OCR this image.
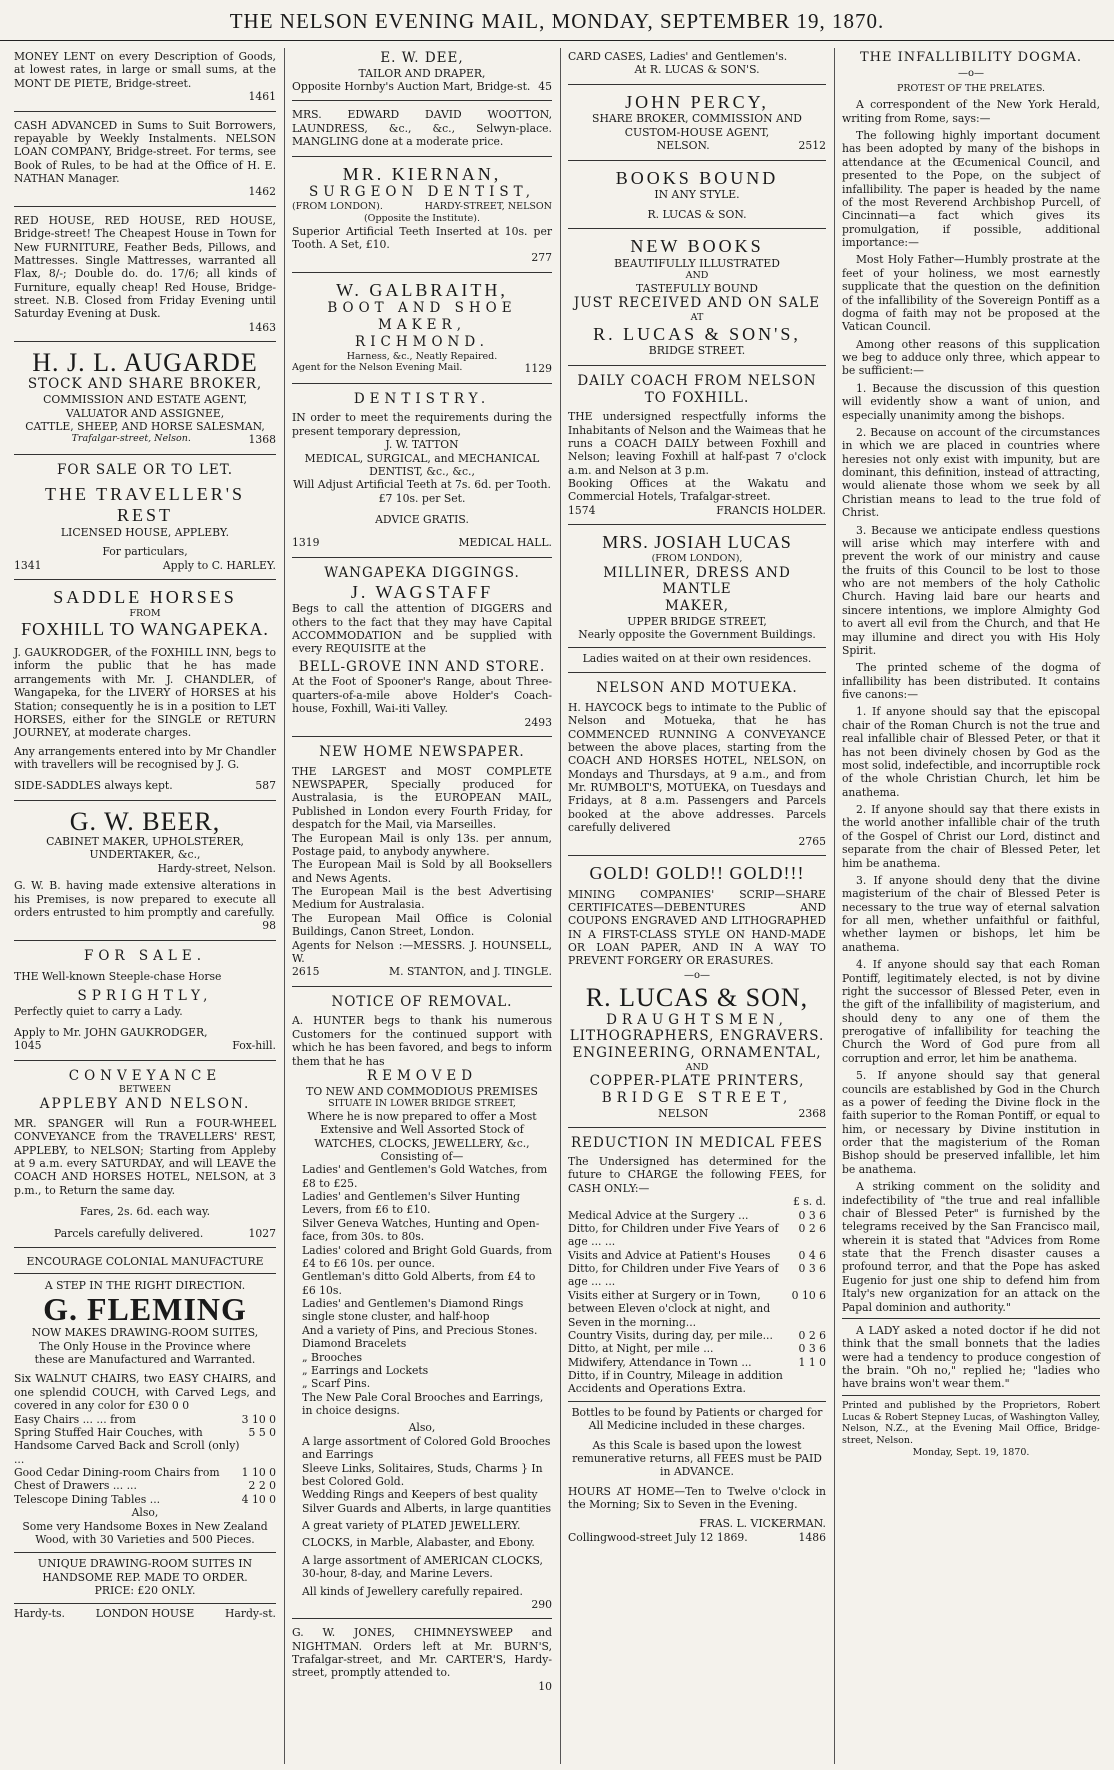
THE NELSON EVENING MAIL, MONDAY, SEPTEMBER 19, 1870.
MONEY LENT on every Description of Goods, at lowest rates, in large or small sums, at the MONT DE PIETE, Bridge-street.
1461
CASH ADVANCED in Sums to Suit Borrowers, repayable by Weekly Instalments. NELSON LOAN COMPANY, Bridge-street. For terms, see Book of Rules, to be had at the Office of H. E. NATHAN Manager.
1462
RED HOUSE, RED HOUSE, RED HOUSE, Bridge-street! The Cheapest House in Town for New FURNITURE, Feather Beds, Pillows, and Mattresses. Single Mattresses, warranted all Flax, 8/-; Double do. do. 17/6; all kinds of Furniture, equally cheap! Red House, Bridge-street. N.B. Closed from Friday Evening until Saturday Evening at Dusk.
1463
H. J. L. AUGARDE
STOCK AND SHARE BROKER,
COMMISSION AND ESTATE AGENT,
VALUATOR AND ASSIGNEE,
CATTLE, SHEEP, AND HORSE SALESMAN,
Trafalgar-street, Nelson.	1368
FOR SALE OR TO LET.
THE TRAVELLER'S REST
LICENSED HOUSE, APPLEBY.
For particulars,
1341	Apply to C. HARLEY.
SADDLE HORSES
FROM
FOXHILL TO WANGAPEKA.
J. GAUKRODGER, of the FOXHILL INN, begs to inform the public that he has made arrangements with Mr. J. CHANDLER, of Wangapeka, for the LIVERY of HORSES at his Station; consequently he is in a position to LET HORSES, either for the SINGLE or RETURN JOURNEY, at moderate charges.
Any arrangements entered into by Mr Chandler with travellers will be recognised by J. G.
SIDE-SADDLES always kept.	587
G. W. BEER,
CABINET MAKER, UPHOLSTERER,
UNDERTAKER, &c.,
Hardy-street, Nelson.
G. W. B. having made extensive alterations in his Premises, is now prepared to execute all orders entrusted to him promptly and carefully.
98
FOR SALE.
THE Well-known Steeple-chase Horse
SPRIGHTLY,
Perfectly quiet to carry a Lady.
Apply to Mr. JOHN GAUKRODGER,
1045	Fox-hill.
CONVEYANCE
BETWEEN
APPLEBY AND NELSON.
MR. SPANGER will Run a FOUR-WHEEL CONVEYANCE from the TRAVELLERS' REST, APPLEBY, to NELSON; Starting from Appleby at 9 a.m. every SATURDAY, and will LEAVE the COACH AND HORSES HOTEL, NELSON, at 3 p.m., to Return the same day.
Fares, 2s. 6d. each way.
Parcels carefully delivered.	1027
ENCOURAGE COLONIAL MANUFACTURE
A STEP IN THE RIGHT DIRECTION.
G. FLEMING
NOW MAKES DRAWING-ROOM SUITES,
The Only House in the Province where
these are Manufactured and Warranted.
Six WALNUT CHAIRS, two EASY CHAIRS, and one splendid COUCH, with Carved Legs, and covered in any color for £30 0 0
Easy Chairs ... ... from	3 10 0
Spring Stuffed Hair Couches, with Handsome Carved Back and Scroll (only) ...
5 5 0
Good Cedar Dining-room Chairs from 1 10 0
Chest of Drawers ... ...	2 2 0
Telescope Dining Tables ...	4 10 0
Also,
Some very Handsome Boxes in New Zealand Wood, with 30 Varieties and 500 Pieces.
UNIQUE DRAWING-ROOM SUITES IN HANDSOME REP. MADE TO ORDER.
PRICE: £20 ONLY.
Hardy-ts.	LONDON HOUSE	Hardy-st.
E. W. DEE,
TAILOR AND DRAPER,
Opposite Hornby's Auction Mart, Bridge-st. 45
MRS. EDWARD DAVID WOOTTON, LAUNDRESS, &c., &c., Selwyn-place. MANGLING done at a moderate price.
MR. KIERNAN,
SURGEON DENTIST,
(FROM LONDON).	HARDY-STREET, NELSON
(Opposite the Institute).
Superior Artificial Teeth Inserted at 10s. per Tooth. A Set, £10.
277
W. GALBRAITH,
BOOT AND SHOE MAKER,
RICHMOND.
Harness, &c., Neatly Repaired.
Agent for the Nelson Evening Mail.	1129
DENTISTRY.
IN order to meet the requirements during the present temporary depression,
J. W. TATTON
MEDICAL, SURGICAL, and MECHANICAL DENTIST, &c., &c.,
Will Adjust Artificial Teeth at 7s. 6d. per Tooth. £7 10s. per Set.
ADVICE GRATIS.
1319	MEDICAL HALL.
WANGAPEKA DIGGINGS.
J. WAGSTAFF
Begs to call the attention of DIGGERS and others to the fact that they may have Capital ACCOMMODATION and be supplied with every REQUISITE at the
BELL-GROVE INN AND STORE.
At the Foot of Spooner's Range, about Three-quarters-of-a-mile above Holder's Coach-house, Foxhill, Wai-iti Valley.
2493
NEW HOME NEWSPAPER.
THE LARGEST and MOST COMPLETE NEWSPAPER, Specially produced for Australasia, is the EUROPEAN MAIL, Published in London every Fourth Friday, for despatch for the Mail, via Marseilles.
The European Mail is only 13s. per annum, Postage paid, to anybody anywhere.
The European Mail is Sold by all Booksellers and News Agents.
The European Mail is the best Advertising Medium for Australasia.
The European Mail Office is Colonial Buildings, Canon Street, London.
Agents for Nelson :—MESSRS. J. HOUNSELL, W.
2615	M. STANTON, and J. TINGLE.
NOTICE OF REMOVAL.
A. HUNTER begs to thank his numerous Customers for the continued support with which he has been favored, and begs to inform them that he has
REMOVED
TO NEW AND COMMODIOUS PREMISES
SITUATE IN LOWER BRIDGE STREET,
Where he is now prepared to offer a Most Extensive and Well Assorted Stock of
WATCHES, CLOCKS, JEWELLERY, &c.,
Consisting of—
Ladies' and Gentlemen's Gold Watches, from £8 to £25.
Ladies' and Gentlemen's Silver Hunting Levers, from £6 to £10.
Silver Geneva Watches, Hunting and Open-face, from 30s. to 80s.
Ladies' colored and Bright Gold Guards, from £4 to £6 10s. per ounce.
Gentleman's ditto Gold Alberts, from £4 to £6 10s.
Ladies' and Gentlemen's Diamond Rings single stone cluster, and half-hoop
And a variety of Pins, and Precious Stones.
Diamond Bracelets
„ Brooches
„ Earrings and Lockets
„ Scarf Pins.
The New Pale Coral Brooches and Earrings, in choice designs.
Also,
A large assortment of Colored Gold Brooches and Earrings
Sleeve Links, Solitaires, Studs, Charms } In best Colored Gold.
Wedding Rings and Keepers of best quality
Silver Guards and Alberts, in large quantities
A great variety of PLATED JEWELLERY.
CLOCKS, in Marble, Alabaster, and Ebony.
A large assortment of AMERICAN CLOCKS, 30-hour, 8-day, and Marine Levers.
All kinds of Jewellery carefully repaired.
290
G. W. JONES, CHIMNEYSWEEP and NIGHTMAN. Orders left at Mr. BURN'S, Trafalgar-street, and Mr. CARTER'S, Hardy-street, promptly attended to.
10
CARD CASES, Ladies' and Gentlemen's.
At R. LUCAS & SON'S.
JOHN PERCY,
SHARE BROKER, COMMISSION AND CUSTOM-HOUSE AGENT,
NELSON.	2512
BOOKS BOUND
IN ANY STYLE.
R. LUCAS & SON.
NEW BOOKS
BEAUTIFULLY ILLUSTRATED
AND
TASTEFULLY BOUND
JUST RECEIVED AND ON SALE
AT
R. LUCAS & SON'S,
BRIDGE STREET.
DAILY COACH FROM NELSON TO FOXHILL.
THE undersigned respectfully informs the Inhabitants of Nelson and the Waimeas that he runs a COACH DAILY between Foxhill and Nelson; leaving Foxhill at half-past 7 o'clock a.m. and Nelson at 3 p.m.
Booking Offices at the Wakatu and Commercial Hotels, Trafalgar-street.
1574	FRANCIS HOLDER.
MRS. JOSIAH LUCAS
(FROM LONDON),
MILLINER, DRESS AND MANTLE
MAKER,
UPPER BRIDGE STREET,
Nearly opposite the Government Buildings.
Ladies waited on at their own residences.
NELSON AND MOTUEKA.
H. HAYCOCK begs to intimate to the Public of Nelson and Motueka, that he has COMMENCED RUNNING A CONVEYANCE between the above places, starting from the COACH AND HORSES HOTEL, NELSON, on Mondays and Thursdays, at 9 a.m., and from Mr. RUMBOLT'S, MOTUEKA, on Tuesdays and Fridays, at 8 a.m. Passengers and Parcels booked at the above addresses. Parcels carefully delivered
2765
GOLD! GOLD!! GOLD!!!
MINING COMPANIES' SCRIP—SHARE CERTIFICATES—DEBENTURES AND COUPONS ENGRAVED AND LITHOGRAPHED IN A FIRST-CLASS STYLE ON HAND-MADE OR LOAN PAPER, AND IN A WAY TO PREVENT FORGERY OR ERASURES.
—o—
R. LUCAS & SON,
DRAUGHTSMEN,
LITHOGRAPHERS, ENGRAVERS.
ENGINEERING, ORNAMENTAL,
AND
COPPER-PLATE PRINTERS,
BRIDGE STREET,
NELSON	2368
REDUCTION IN MEDICAL FEES
The Undersigned has determined for the future to CHARGE the following FEES, for CASH ONLY:—
£ s. d.
Medical Advice at the Surgery ...	0 3 6
Ditto, for Children under Five Years of age ... ...
0 2 6
Visits and Advice at Patient's Houses	0 4 6
Ditto, for Children under Five Years of age ... ...
0 3 6
Visits either at Surgery or in Town, between Eleven o'clock at night, and Seven in the morning...
0 10 6
Country Visits, during day, per mile... 0 2 6
Ditto, at Night, per mile ...	0 3 6
Midwifery, Attendance in Town ...	1 1 0
Ditto, if in Country, Mileage in addition Accidents and Operations Extra.
Bottles to be found by Patients or charged for All Medicine included in these charges.
As this Scale is based upon the lowest remunerative returns, all FEES must be PAID in ADVANCE.
HOURS AT HOME—Ten to Twelve o'clock in the Morning; Six to Seven in the Evening.
FRAS. L. VICKERMAN.
Collingwood-street July 12 1869.	1486
THE INFALLIBILITY DOGMA.
—o—
PROTEST OF THE PRELATES.

A correspondent of the New York Herald, writing from Rome, says:—

The following highly important document has been adopted by many of the bishops in attendance at the Œcumenical Council, and presented to the Pope, on the subject of infallibility. The paper is headed by the name of the most Reverend Archbishop Purcell, of Cincinnati—a fact which gives its promulgation, if possible, additional importance:—

Most Holy Father—Humbly prostrate at the feet of your holiness, we most earnestly supplicate that the question on the definition of the infallibility of the Sovereign Pontiff as a dogma of faith may not be proposed at the Vatican Council.

Among other reasons of this supplication we beg to adduce only three, which appear to be sufficient:—

1. Because the discussion of this question will evidently show a want of union, and especially unanimity among the bishops.

2. Because on account of the circumstances in which we are placed in countries where heresies not only exist with impunity, but are dominant, this definition, instead of attracting, would alienate those whom we seek by all Christian means to lead to the true fold of Christ.

3. Because we anticipate endless questions will arise which may interfere with and prevent the work of our ministry and cause the fruits of this Council to be lost to those who are not members of the holy Catholic Church. Having laid bare our hearts and sincere intentions, we implore Almighty God to avert all evil from the Church, and that He may illumine and direct you with His Holy Spirit.

The printed scheme of the dogma of infallibility has been distributed. It contains five canons:—

1. If anyone should say that the episcopal chair of the Roman Church is not the true and real infallible chair of Blessed Peter, or that it has not been divinely chosen by God as the most solid, indefectible, and incorruptible rock of the whole Christian Church, let him be anathema.

2. If anyone should say that there exists in the world another infallible chair of the truth of the Gospel of Christ our Lord, distinct and separate from the chair of Blessed Peter, let him be anathema.

3. If anyone should deny that the divine magisterium of the chair of Blessed Peter is necessary to the true way of eternal salvation for all men, whether unfaithful or faithful, whether laymen or bishops, let him be anathema.

4. If anyone should say that each Roman Pontiff, legitimately elected, is not by divine right the successor of Blessed Peter, even in the gift of the infallibility of magisterium, and should deny to any one of them the prerogative of infallibility for teaching the Church the Word of God pure from all corruption and error, let him be anathema.

5. If anyone should say that general councils are established by God in the Church as a power of feeding the Divine flock in the faith superior to the Roman Pontiff, or equal to him, or necessary by Divine institution in order that the magisterium of the Roman Bishop should be preserved infallible, let him be anathema.

A striking comment on the solidity and indefectibility of "the true and real infallible chair of Blessed Peter" is furnished by the telegrams received by the San Francisco mail, wherein it is stated that "Advices from Rome state that the French disaster causes a profound terror, and that the Pope has asked Eugenio for just one ship to defend him from Italy's new organization for an attack on the Papal dominion and authority."

A LADY asked a noted doctor if he did not think that the small bonnets that the ladies were had a tendency to produce congestion of the brain. "Oh no," replied he; "ladies who have brains won't wear them."

Printed and published by the Proprietors, Robert Lucas & Robert Stepney Lucas, of Washington Valley, Nelson, N.Z., at the Evening Mail Office, Bridge-street, Nelson.
Monday, Sept. 19, 1870.
